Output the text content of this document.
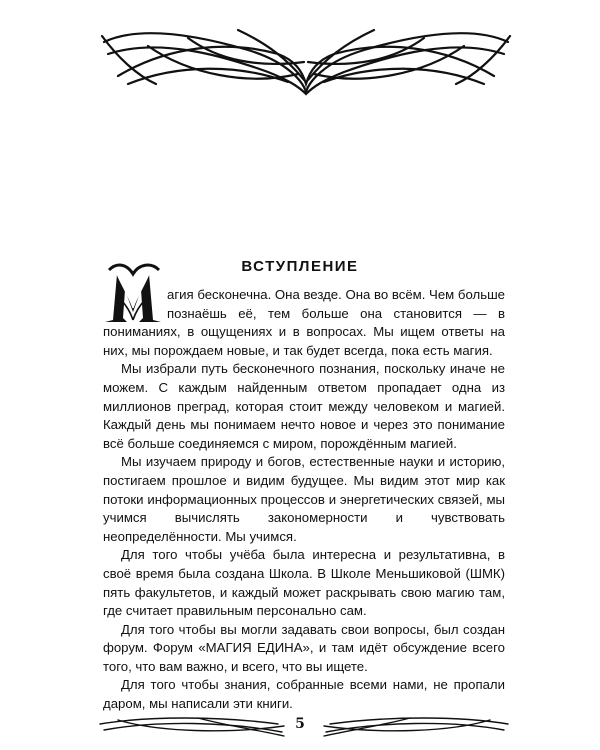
ВСТУПЛЕНИЕ

агия бесконечна. Она везде. Она во всём. Чем больше познаёшь её, тем больше она становится — в пониманиях, в ощущениях и в вопросах. Мы ищем ответы на них, мы порождаем новые, и так будет всегда, пока есть магия.

Мы избрали путь бесконечного познания, поскольку иначе не можем. С каждым найденным ответом пропадает одна из миллионов преград, которая стоит между человеком и магией. Каждый день мы понимаем нечто новое и через это понимание всё больше соединяемся с миром, порождённым магией.

Мы изучаем природу и богов, естественные науки и историю, постигаем прошлое и видим будущее. Мы видим этот мир как потоки информационных процессов и энергетических связей, мы учимся вычислять закономерности и чувствовать неопределённости. Мы учимся.

Для того чтобы учёба была интересна и результативна, в своё время была создана Школа. В Школе Меньшиковой (ШМК) пять факультетов, и каждый может раскрывать свою магию там, где считает правильным персонально сам.

Для того чтобы вы могли задавать свои вопросы, был создан форум. Форум «МАГИЯ ЕДИНА», и там идёт обсуждение всего того, что вам важно, и всего, что вы ищете.

Для того чтобы знания, собранные всеми нами, не пропали даром, мы написали эти книги.

5
